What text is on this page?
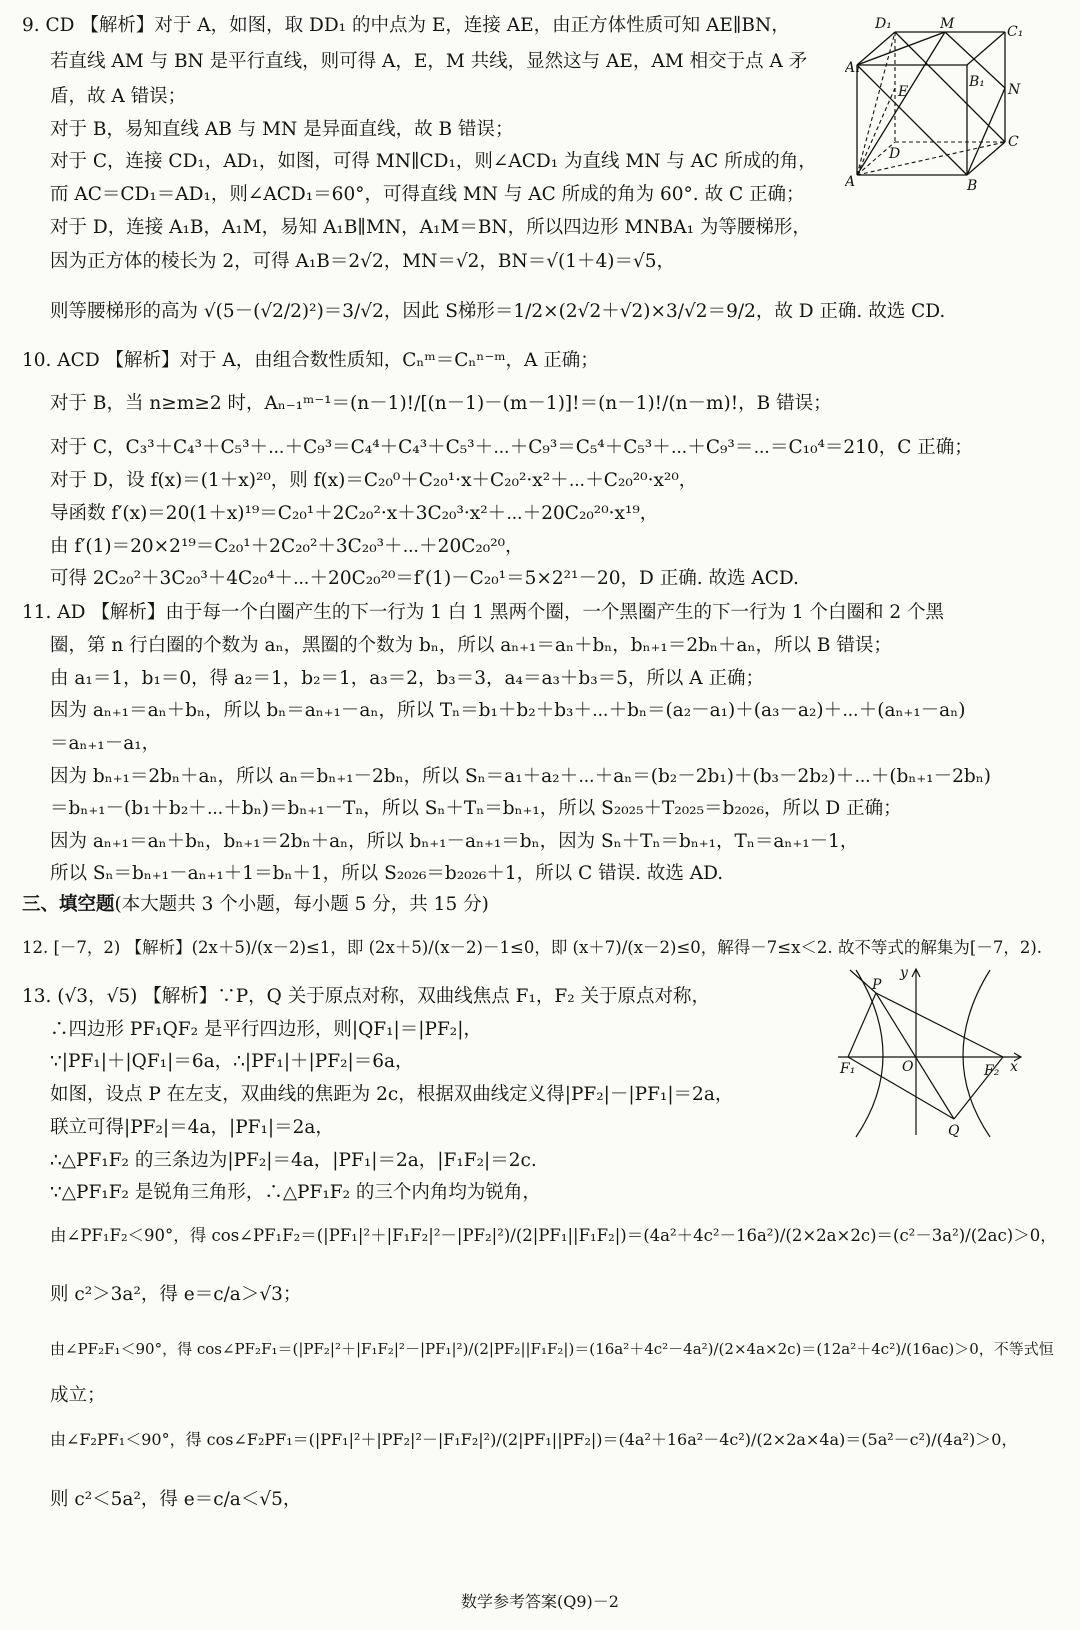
9. CD 【解析】对于 A，如图，取 DD₁ 的中点为 E，连接 AE，由正方体性质可知 AE∥BN，
若直线 AM 与 BN 是平行直线，则可得 A，E，M 共线，显然这与 AE，AM 相交于点 A 矛
盾，故 A 错误；
对于 B，易知直线 AB 与 MN 是异面直线，故 B 错误；
对于 C，连接 CD₁，AD₁，如图，可得 MN∥CD₁，则∠ACD₁ 为直线 MN 与 AC 所成的角，
而 AC＝CD₁＝AD₁，则∠ACD₁＝60°，可得直线 MN 与 AC 所成的角为 60°. 故 C 正确；
对于 D，连接 A₁B，A₁M，易知 A₁B∥MN，A₁M＝BN，所以四边形 MNBA₁ 为等腰梯形，
因为正方体的棱长为 2，可得 A₁B＝2√2，MN＝√2，BN＝√(1＋4)＝√5，
则等腰梯形的高为 √(5－(√2/2)²)＝3/√2，因此 S梯形＝1/2×(2√2＋√2)×3/√2＝9/2，故 D 正确. 故选 CD.
D₁	M	C₁
A₁
B₁ N
E
D
C
A	B
10. ACD 【解析】对于 A，由组合数性质知，Cₙᵐ＝Cₙⁿ⁻ᵐ，A 正确；
对于 B，当 n≥m≥2 时，Aₙ₋₁ᵐ⁻¹＝(n－1)!/[(n－1)－(m－1)]!＝(n－1)!/(n－m)!，B 错误；
对于 C，C₃³＋C₄³＋C₅³＋⋯＋C₉³＝C₄⁴＋C₄³＋C₅³＋⋯＋C₉³＝C₅⁴＋C₅³＋⋯＋C₉³＝⋯＝C₁₀⁴＝210，C 正确；
对于 D，设 f(x)＝(1＋x)²⁰，则 f(x)＝C₂₀⁰＋C₂₀¹·x＋C₂₀²·x²＋⋯＋C₂₀²⁰·x²⁰，
导函数 f′(x)＝20(1＋x)¹⁹＝C₂₀¹＋2C₂₀²·x＋3C₂₀³·x²＋⋯＋20C₂₀²⁰·x¹⁹，
由 f′(1)＝20×2¹⁹＝C₂₀¹＋2C₂₀²＋3C₂₀³＋⋯＋20C₂₀²⁰，
可得 2C₂₀²＋3C₂₀³＋4C₂₀⁴＋⋯＋20C₂₀²⁰＝f′(1)－C₂₀¹＝5×2²¹－20，D 正确. 故选 ACD.
11. AD 【解析】由于每一个白圈产生的下一行为 1 白 1 黑两个圈，一个黑圈产生的下一行为 1 个白圈和 2 个黑
圈，第 n 行白圈的个数为 aₙ，黑圈的个数为 bₙ，所以 aₙ₊₁＝aₙ＋bₙ，bₙ₊₁＝2bₙ＋aₙ，所以 B 错误；
由 a₁＝1，b₁＝0，得 a₂＝1，b₂＝1，a₃＝2，b₃＝3，a₄＝a₃＋b₃＝5，所以 A 正确；
因为 aₙ₊₁＝aₙ＋bₙ，所以 bₙ＝aₙ₊₁－aₙ，所以 Tₙ＝b₁＋b₂＋b₃＋⋯＋bₙ＝(a₂－a₁)＋(a₃－a₂)＋⋯＋(aₙ₊₁－aₙ)
＝aₙ₊₁－a₁，
因为 bₙ₊₁＝2bₙ＋aₙ，所以 aₙ＝bₙ₊₁－2bₙ，所以 Sₙ＝a₁＋a₂＋⋯＋aₙ＝(b₂－2b₁)＋(b₃－2b₂)＋⋯＋(bₙ₊₁－2bₙ)
＝bₙ₊₁－(b₁＋b₂＋⋯＋bₙ)＝bₙ₊₁－Tₙ，所以 Sₙ＋Tₙ＝bₙ₊₁，所以 S₂₀₂₅＋T₂₀₂₅＝b₂₀₂₆，所以 D 正确；
因为 aₙ₊₁＝aₙ＋bₙ，bₙ₊₁＝2bₙ＋aₙ，所以 bₙ₊₁－aₙ₊₁＝bₙ，因为 Sₙ＋Tₙ＝bₙ₊₁，Tₙ＝aₙ₊₁－1，
所以 Sₙ＝bₙ₊₁－aₙ₊₁＋1＝bₙ＋1，所以 S₂₀₂₆＝b₂₀₂₆＋1，所以 C 错误. 故选 AD.
三、填空题(本大题共 3 个小题，每小题 5 分，共 15 分)
12. [－7，2) 【解析】(2x＋5)/(x－2)≤1，即 (2x＋5)/(x－2)－1≤0，即 (x＋7)/(x－2)≤0，解得－7≤x＜2. 故不等式的解集为[－7，2).
13. (√3，√5) 【解析】∵P，Q 关于原点对称，双曲线焦点 F₁，F₂ 关于原点对称，
∴四边形 PF₁QF₂ 是平行四边形，则|QF₁|＝|PF₂|，
∵|PF₁|＋|QF₁|＝6a，∴|PF₁|＋|PF₂|＝6a，
如图，设点 P 在左支，双曲线的焦距为 2c，根据双曲线定义得|PF₂|－|PF₁|＝2a，
联立可得|PF₂|＝4a，|PF₁|＝2a，
∴△PF₁F₂ 的三条边为|PF₂|＝4a，|PF₁|＝2a，|F₁F₂|＝2c.
∵△PF₁F₂ 是锐角三角形，∴△PF₁F₂ 的三个内角均为锐角，
由∠PF₁F₂＜90°，得 cos∠PF₁F₂＝(|PF₁|²＋|F₁F₂|²－|PF₂|²)/(2|PF₁||F₁F₂|)＝(4a²＋4c²－16a²)/(2×2a×2c)＝(c²－3a²)/(2ac)＞0，
则 c²＞3a²，得 e＝c/a＞√3；
由∠PF₂F₁＜90°，得 cos∠PF₂F₁＝(|PF₂|²＋|F₁F₂|²－|PF₁|²)/(2|PF₂||F₁F₂|)＝(16a²＋4c²－4a²)/(2×4a×2c)＝(12a²＋4c²)/(16ac)＞0，不等式恒
成立；
由∠F₂PF₁＜90°，得 cos∠F₂PF₁＝(|PF₁|²＋|PF₂|²－|F₁F₂|²)/(2|PF₁||PF₂|)＝(4a²＋16a²－4c²)/(2×2a×4a)＝(5a²－c²)/(4a²)＞0，
则 c²＜5a²，得 e＝c/a＜√5，
y
P
F₁	O	F₂ x
Q
数学参考答案(Q9)－2
